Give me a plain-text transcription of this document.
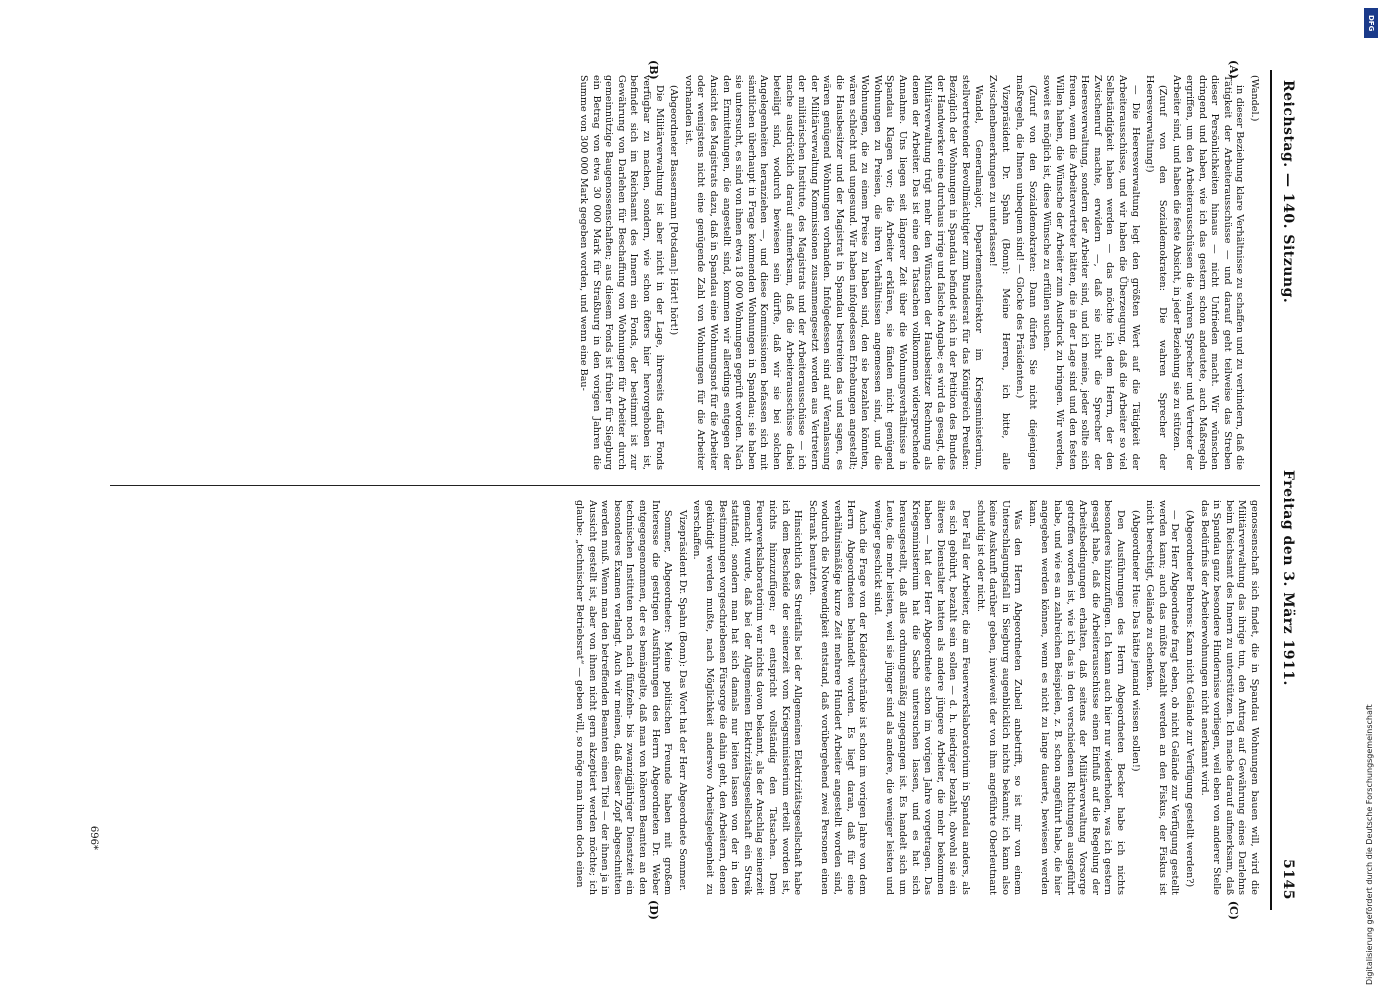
Reichstag. — 140. Sitzung.
Freitag den 3. März 1911.
5145
(A)
(B)
(C)
(D)

(Wandel.)

in dieser Beziehung klare Verhältnisse zu schaffen und zu verhindern, daß die Tätigkeit der Arbeiterausschüsse — und darauf geht teilweise das Streben dieser Persönlichkeiten hinaus — nicht Unfrieden macht. Wir wünschen dringend und haben, wie ich das gestern schon andeutete, auch Maßregeln ergriffen, um den Arbeiterausschüssen die wahren Sprecher und Vertreter der Arbeiter sind, und haben die feste Absicht, in jeder Beziehung sie zu stützen.

(Zuruf von den Sozialdemokraten: Die wahren Sprecher der Heeresverwaltung!)

— Die Heeresverwaltung legt den größten Wert auf die Tätigkeit der Arbeiterausschüsse, und wir haben die Überzeugung, daß die Arbeiter so viel Selbständigkeit haben werden — das möchte ich dem Herrn, der den Zwischenruf machte, erwidern —, daß sie nicht die Sprecher der Heeresverwaltung, sondern der Arbeiter sind, und ich meine, jeder sollte sich freuen, wenn die Arbeitervertreter hätten, die in der Lage sind und den festen Willen haben, die Wünsche der Arbeiter zum Ausdruck zu bringen. Wir werden, soweit es möglich ist, diese Wünsche zu erfüllen suchen.

(Zuruf von den Sozialdemokraten: Dann dürfen Sie nicht diejenigen maßregeln, die Ihnen unbequem sind! — Glocke des Präsidenten.)

Vizepräsident Dr. Spahn (Bonn): Meine Herren, ich bitte, alle Zwischenbemerkungen zu unterlassen!

Wandel, Generalmajor, Departementsdirektor im Kriegsministerium, stellvertretender Bevollmächtigter zum Bundesrat für das Königreich Preußen: Bezüglich der Wohnungen in Spandau befindet sich in der Petition des Bundes der Handwerker eine durchaus irrige und falsche Angabe; es wird da gesagt, die Militärverwaltung trügt mehr den Wünschen der Hausbesitzer Rechnung als denen der Arbeiter. Das ist eine den Tatsachen vollkommen widersprechende Annahme. Uns liegen seit längerer Zeit über die Wohnungsverhältnisse in Spandau Klagen vor; die Arbeiter erklären, sie fänden nicht genügend Wohnungen zu Preisen, die ihren Verhältnissen angemessen sind, und die Wohnungen, die zu einem Preise zu haben sind, den sie bezahlen könnten, wären schlecht und ungesund. Wir haben infolgedessen Erhebungen angestellt; die Hausbesitzer und der Magistrat in Spandau bestreiten das und sagen, es wären genügend Wohnungen vorhanden. Infolgedessen sind auf Veranlassung der Militärverwaltung Kommissionen zusammengesetzt worden aus Vertretern der militärischen Institute, des Magistrats und der Arbeiterausschüsse — ich mache ausdrücklich darauf aufmerksam, daß die Arbeiterausschüsse dabei beteiligt sind, wodurch bewiesen sein dürfte, daß wir sie bei solchen Angelegenheiten heranziehen —, und diese Kommissionen befassen sich mit sämtlichen überhaupt in Frage kommenden Wohnungen in Spandau; sie haben sie untersucht, es sind von ihnen etwa 18 000 Wohnungen geprüft worden. Nach den Ermittelungen, die angestellt sind, kommen wir allerdings entgegen der Ansicht des Magistrats dazu, daß in Spandau eine Wohnungsnot für die Arbeiter oder wenigstens nicht eine genügende Zahl von Wohnungen für die Arbeiter vorhanden ist.

(Abgeordneter Bassermann [Potsdam]: Hört! hört!)

Die Militärverwaltung ist aber nicht in der Lage, ihrerseits dafür Fonds verfügbar zu machen, sondern, wie schon öfters hier hervorgehoben ist, befindet sich im Reichsamt des Innern ein Fonds, der bestimmt ist zur Gewährung von Darlehen für Beschaffung von Wohnungen für Arbeiter durch gemeinnützige Baugenossenschaften; aus diesem Fonds ist früher für Siegburg ein Betrag von etwa 30 000 Mark für Straßburg in den vorigen Jahren die Summe von 300 000 Mark gegeben worden, und wenn eine Bau-

genossenschaft sich findet, die in Spandau Wohnungen bauen will, wird die Militärverwaltung das ihrige tun, den Antrag auf Gewährung eines Darlehns beim Reichsamt des Innern zu unterstützen. Ich mache darauf aufmerksam, daß in Spandau ganz besondere Hindernisse vorliegen, weil eben von anderer Stelle das Bedürfnis der Arbeiterwohnungen nicht anerkannt wird.

(Abgeordneter Behrens: Kann nicht Gelände zur Verfügung gestellt werden?)

— Der Herr Abgeordnete fragt eben, ob nicht Gelände zur Verfügung gestellt werden kann; auch das müßte bezahlt werden an den Fiskus, der Fiskus ist nicht berechtigt, Gelände zu schenken.

(Abgeordneter Hue: Das hätte jemand wissen sollen!)

Den Ausführungen des Herrn Abgeordneten Becker habe ich nichts besonderes hinzuzufügen. Ich kann auch hier nur wiederholen, was ich gestern gesagt habe, daß die Arbeiterausschüsse einen Einfluß auf die Regelung der Arbeitsbedingungen erhalten, daß seitens der Militärverwaltung Vorsorge getroffen worden ist, wie ich das in den verschiedenen Richtungen ausgeführt habe, und wie es an zahlreichen Beispielen, z. B. schon angeführt habe, die hier angegeben werden können, wenn es nicht zu lange dauerte, bewiesen werden kann.

Was den Herrn Abgeordneten Zubeil anbetrifft, so ist mir von einem Unterschlagungsfall in Siegburg augenblicklich nichts bekannt; ich kann also keine Auskunft darüber geben, inwieweit der von ihm angeführte Oberleutnant schuldig ist oder nicht.

Der Fall der Arbeiter, die am Feuerwerkslaboratorium in Spandau anders, als es sich gebührt, bezahlt sein sollen — d. h. niedriger bezahlt, obwohl sie ein älteres Dienstalter hatten als andere jüngere Arbeiter, die mehr bekommen haben — hat der Herr Abgeordnete schon im vorigen Jahre vorgetragen. Das Kriegsministerium hat die Sache untersuchen lassen, und es hat sich herausgestellt, daß alles ordnungsmäßig zugegangen ist. Es handelt sich um Leute, die mehr leisten, weil sie jünger sind als andere, die weniger leisten und weniger geschickt sind.

Auch die Frage von der Kleiderschränke ist schon im vorigen Jahre von dem Herrn Abgeordneten behandelt worden. Es liegt daran, daß für eine verhältnismäßige kurze Zeit mehrere Hundert Arbeiter angestellt worden sind, wodurch die Notwendigkeit entstand, daß vorübergehend zwei Personen einen Schrank benutzten.

Hinsichtlich des Streitfalls bei der Allgemeinen Elektrizitätsgesellschaft habe ich dem Bescheide der seinerzeit vom Kriegsministerium erteilt worden ist, nichts hinzuzufügen; er entspricht vollständig den Tatsachen. Dem Feuerwerkslaboratorium war nichts davon bekannt, als der Anschlag seinerzeit gemacht wurde, daß bei der Allgemeinen Elektrizitätsgesellschaft ein Streik stattfand; sondern man hat sich damals nur leiten lassen von der in den Bestimmungen vorgeschriebenen Fürsorge die dahin geht, den Arbeitern, denen gekündigt werden mußte, nach Möglichkeit anderswo Arbeitsgelegenheit zu verschaffen.

Vizepräsident Dr. Spahn (Bonn): Das Wort hat der Herr Abgeordnete Sommer.

Sommer, Abgeordneter: Meine politischen Freunde haben mit großem Interesse die gestrigen Ausführungen des Herrn Abgeordneten Dr. Weber entgegengenommen, der es bemängelte, daß man von höheren Beamten an den technischen Instituten noch nach fünfzehn- bis zwanzigjähriger Dienstzeit ein besonderes Examen verlangt. Auch wir meinen, daß dieser Zopf abgeschnitten werden muß. Wenn man den betreffenden Beamten einen Titel — der ihnen ja in Aussicht gestellt ist, aber von ihnen nicht gern akzeptiert werden möchte; ich glaube: „technischer Betriebsrat“ — geben will, so möge man ihnen doch einen

696*
DFG
Digitalisierung gefördert durch die Deutsche Forschungsgemeinschaft
